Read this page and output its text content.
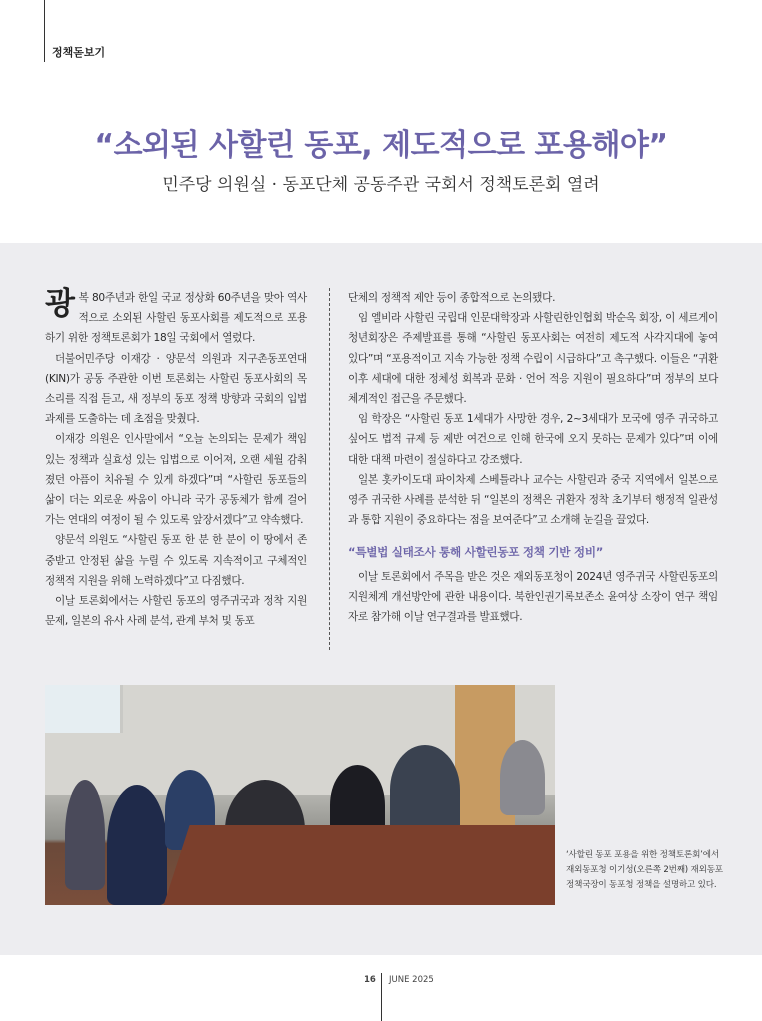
정책돋보기
“소외된 사할린 동포, 제도적으로 포용해야”
민주당 의원실 · 동포단체 공동주관 국회서 정책토론회 열려

광복 80주년과 한일 국교 정상화 60주년을 맞아 역사적으로 소외된 사할린 동포사회를 제도적으로 포용하기 위한 정책토론회가 18일 국회에서 열렸다.

더불어민주당 이재강 · 양문석 의원과 지구촌동포연대(KIN)가 공동 주관한 이번 토론회는 사할린 동포사회의 목소리를 직접 듣고, 새 정부의 동포 정책 방향과 국회의 입법 과제를 도출하는 데 초점을 맞췄다.

이재강 의원은 인사말에서 “오늘 논의되는 문제가 책임 있는 정책과 실효성 있는 입법으로 이어져, 오랜 세월 감춰졌던 아픔이 치유될 수 있게 하겠다”며 “사할린 동포들의 삶이 더는 외로운 싸움이 아니라 국가 공동체가 함께 걸어가는 연대의 여정이 될 수 있도록 앞장서겠다”고 약속했다.

양문석 의원도 “사할린 동포 한 분 한 분이 이 땅에서 존중받고 안정된 삶을 누릴 수 있도록 지속적이고 구체적인 정책적 지원을 위해 노력하겠다”고 다짐했다.

이날 토론회에서는 사할린 동포의 영주귀국과 정착 지원 문제, 일본의 유사 사례 분석, 관계 부처 및 동포

단체의 정책적 제안 등이 종합적으로 논의됐다.

임 엘비라 사할린 국립대 인문대학장과 사할린한인협회 박순옥 회장, 이 세르게이 청년회장은 주제발표를 통해 “사할린 동포사회는 여전히 제도적 사각지대에 놓여 있다”며 “포용적이고 지속 가능한 정책 수립이 시급하다”고 촉구했다. 이들은 “귀환 이후 세대에 대한 정체성 회복과 문화 · 언어 적응 지원이 필요하다”며 정부의 보다 체계적인 접근을 주문했다.

임 학장은 “사할린 동포 1세대가 사망한 경우, 2~3세대가 모국에 영주 귀국하고 싶어도 법적 규제 등 제반 여건으로 인해 한국에 오지 못하는 문제가 있다”며 이에 대한 대책 마련이 절실하다고 강조했다.

일본 홋카이도대 파이차제 스베틀라나 교수는 사할린과 중국 지역에서 일본으로 영주 귀국한 사례를 분석한 뒤 “일본의 정책은 귀환자 정착 초기부터 행정적 일관성과 통합 지원이 중요하다는 점을 보여준다”고 소개해 눈길을 끌었다.

“특별법 실태조사 통해 사할린동포 정책 기반 정비”

이날 토론회에서 주목을 받은 것은 재외동포청이 2024년 영주귀국 사할린동포의 지원체계 개선방안에 관한 내용이다. 북한인권기록보존소 윤여상 소장이 연구 책임자로 참가해 이날 연구결과를 발표했다.

‘사할린 동포 포용을 위한 정책토론회’에서 재외동포청 이기성(오른쪽 2번째) 재외동포정책국장이 동포청 정책을 설명하고 있다.
16 JUNE 2025
